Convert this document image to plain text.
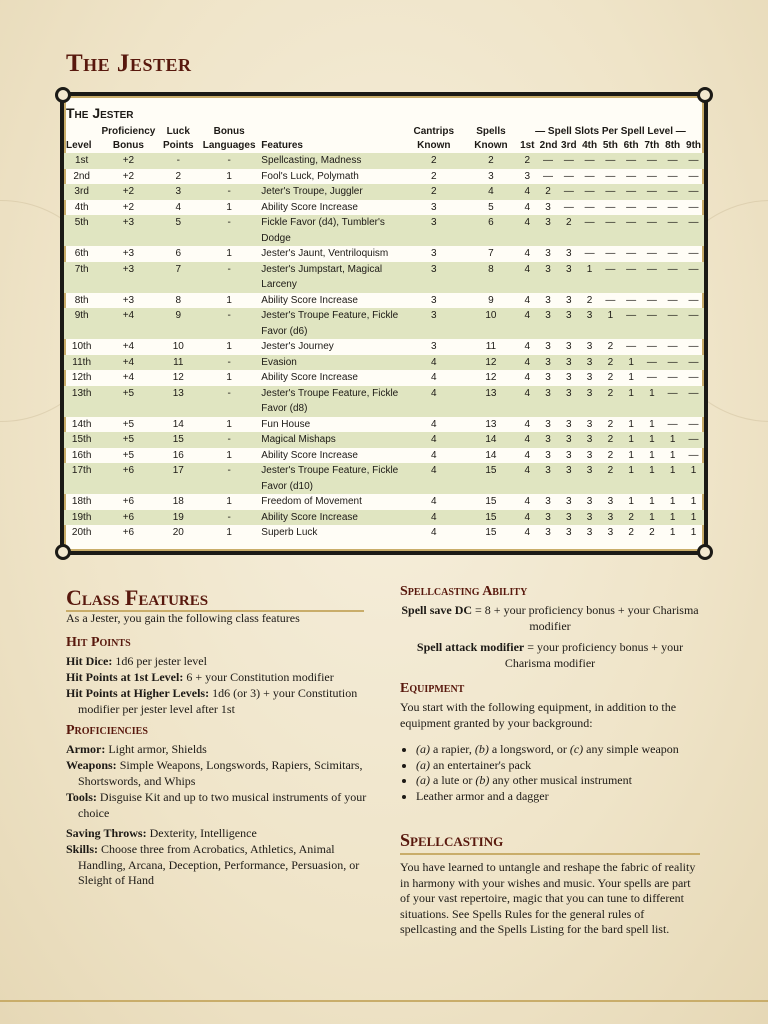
The Jester
The Jester
	Proficiency	Luck	Bonus		Cantrips	Spells	— Spell Slots Per Spell Level —								
Level	Bonus	Points	Languages	Features	Known	Known	1st	2nd	3rd	4th	5th	6th	7th	8th	9th
1st	+2	-	-	Spellcasting, Madness	2	2	2	—	—	—	—	—	—	—	—
2nd	+2	2	1	Fool's Luck, Polymath	2	3	3	—	—	—	—	—	—	—	—
3rd	+2	3	-	Jeter's Troupe, Juggler	2	4	4	2	—	—	—	—	—	—	—
4th	+2	4	1	Ability Score Increase	3	5	4	3	—	—	—	—	—	—	—
5th	+3	5	-	Fickle Favor (d4), Tumbler's Dodge	3	6	4	3	2	—	—	—	—	—	—
6th	+3	6	1	Jester's Jaunt, Ventriloquism	3	7	4	3	3	—	—	—	—	—	—
7th	+3	7	-	Jester's Jumpstart, Magical Larceny	3	8	4	3	3	1	—	—	—	—	—
8th	+3	8	1	Ability Score Increase	3	9	4	3	3	2	—	—	—	—	—
9th	+4	9	-	Jester's Troupe Feature, Fickle Favor (d6)	3	10	4	3	3	3	1	—	—	—	—
10th	+4	10	1	Jester's Journey	3	11	4	3	3	3	2	—	—	—	—
11th	+4	11	-	Evasion	4	12	4	3	3	3	2	1	—	—	—
12th	+4	12	1	Ability Score Increase	4	12	4	3	3	3	2	1	—	—	—
13th	+5	13	-	Jester's Troupe Feature, Fickle Favor (d8)	4	13	4	3	3	3	2	1	1	—	—
14th	+5	14	1	Fun House	4	13	4	3	3	3	2	1	1	—	—
15th	+5	15	-	Magical Mishaps	4	14	4	3	3	3	2	1	1	1	—
16th	+5	16	1	Ability Score Increase	4	14	4	3	3	3	2	1	1	1	—
17th	+6	17	-	Jester's Troupe Feature, Fickle Favor (d10)	4	15	4	3	3	3	2	1	1	1	1
18th	+6	18	1	Freedom of Movement	4	15	4	3	3	3	3	1	1	1	1
19th	+6	19	-	Ability Score Increase	4	15	4	3	3	3	3	2	1	1	1
20th	+6	20	1	Superb Luck	4	15	4	3	3	3	3	2	2	1	1
Class Features

As a Jester, you gain the following class features

Hit Points

Hit Dice: 1d6 per jester level

Hit Points at 1st Level: 6 + your Constitution modifier

Hit Points at Higher Levels: 1d6 (or 3) + your Constitution modifier per jester level after 1st

Proficiencies

Armor: Light armor, Shields

Weapons: Simple Weapons, Longswords, Rapiers, Scimitars, Shortswords, and Whips

Tools: Disguise Kit and up to two musical instruments of your choice

Saving Throws: Dexterity, Intelligence

Skills: Choose three from Acrobatics, Athletics, Animal Handling, Arcana, Deception, Performance, Persuasion, or Sleight of Hand

Spellcasting Ability

Spell save DC = 8 + your proficiency bonus + your Charisma modifier

Spell attack modifier = your proficiency bonus + your Charisma modifier

Equipment

You start with the following equipment, in addition to the equipment granted by your background:

• (a) a rapier, (b) a longsword, or (c) any simple weapon
• (a) an entertainer's pack
• (a) a lute or (b) any other musical instrument
• Leather armor and a dagger
Spellcasting

You have learned to untangle and reshape the fabric of reality in harmony with your wishes and music. Your spells are part of your vast repertoire, magic that you can tune to different situations. See Spells Rules for the general rules of spellcasting and the Spells Listing for the bard spell list.
